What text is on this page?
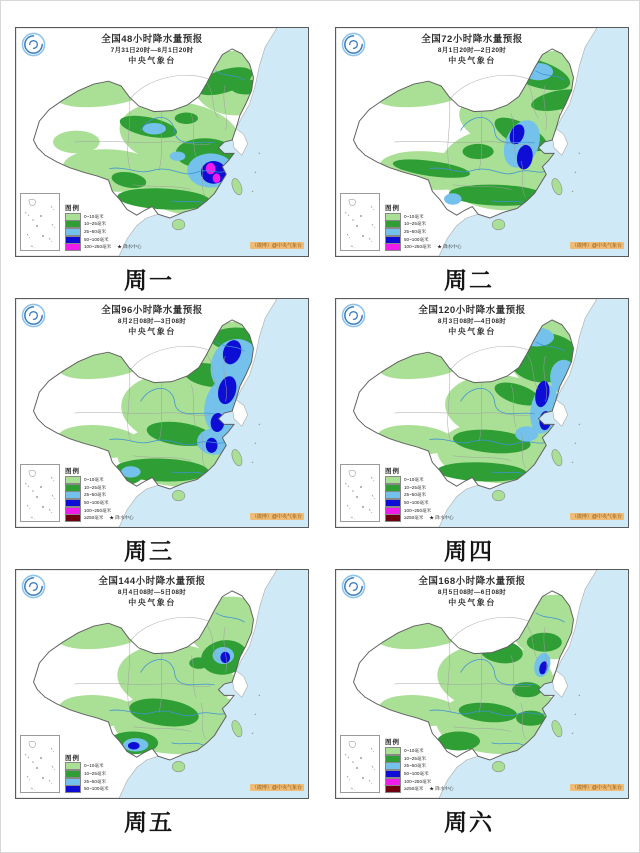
全国48小时降水量预报
7月31日20时—8月1日20时
中央气象台
图例
0~10毫米
10~25毫米
25~50毫米
50~100毫米
100~250毫米 ★ 降水中心	（微博）@中央气象台
周一
全国72小时降水量预报
8月1日20时—2日20时
中央气象台
图例
0~10毫米
10~25毫米
25~50毫米
50~100毫米
100~250毫米 ★ 降水中心	（微博）@中央气象台
周二
全国96小时降水量预报
8月2日08时—3日08时
中央气象台
图例
0~10毫米
10~25毫米
25~50毫米
50~100毫米
100~250毫米
≥250毫米 ★ 降水中心	（微博）@中央气象台
周三
全国120小时降水量预报
8月3日08时—4日08时
中央气象台
图例
0~10毫米
10~25毫米
25~50毫米
50~100毫米
100~250毫米
≥250毫米 ★ 降水中心	（微博）@中央气象台
周四
全国144小时降水量预报
8月4日08时—5日08时
中央气象台
图例
0~10毫米
10~25毫米
25~50毫米
50~100毫米	（微博）@中央气象台
周五
全国168小时降水量预报
8月5日08时—6日08时
中央气象台
图例
0~10毫米
10~25毫米
25~50毫米
50~100毫米
100~250毫米
≥250毫米 ★ 降水中心	（微博）@中央气象台
周六
